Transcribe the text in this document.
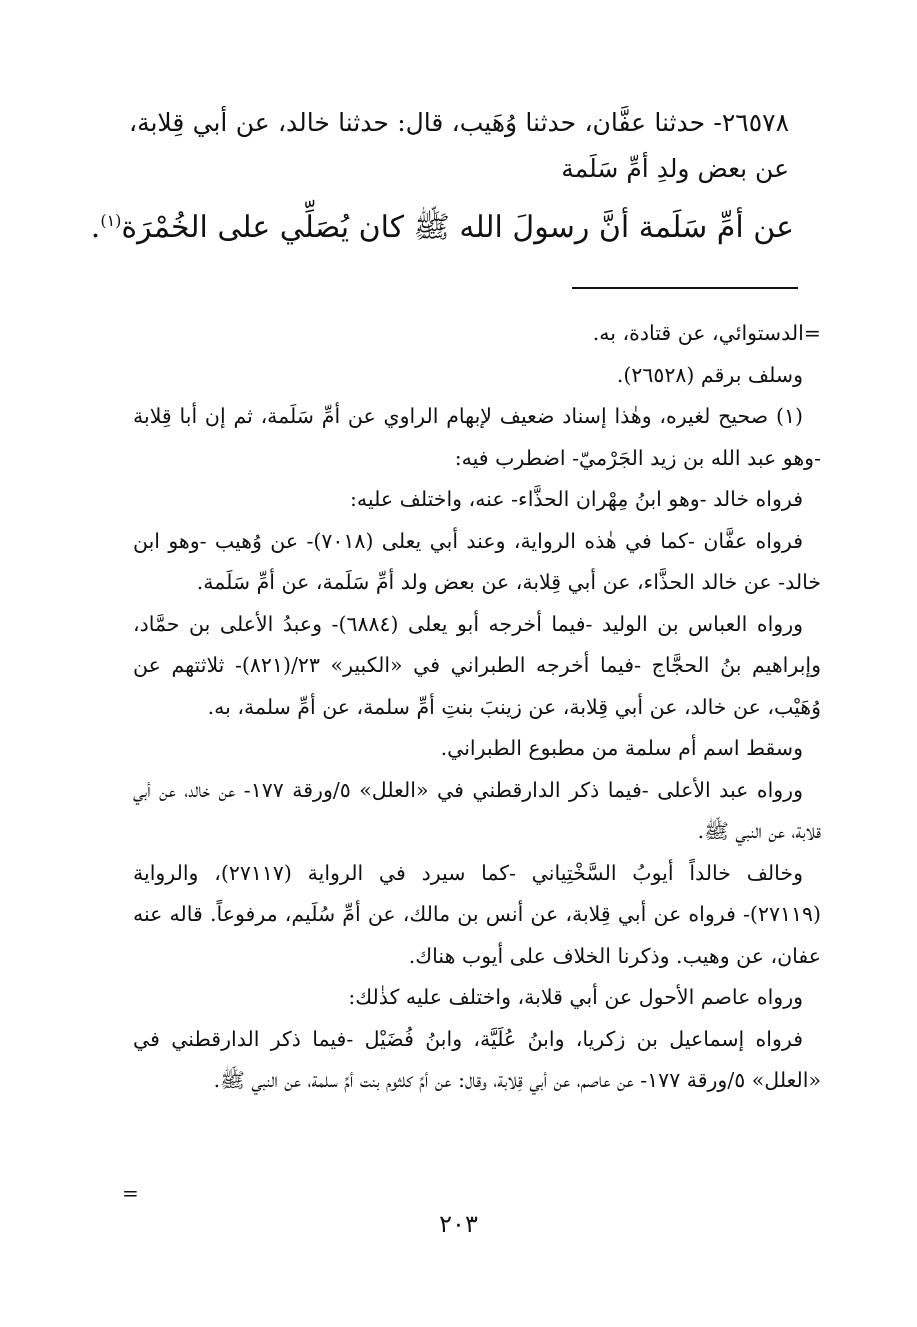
٢٦٥٧٨- حدثنا عفَّان، حدثنا وُهَيب، قال: حدثنا خالد، عن أبي قِلابة، عن بعض ولدِ أمِّ سَلَمة

عن أمِّ سَلَمة أنَّ رسولَ الله ﷺ كان يُصَلِّي على الخُمْرَة$^{(١)}$.

=الدستوائي، عن قتادة، به.

وسلف برقم (٢٦٥٢٨).

(١) صحيح لغيره، وهٰذا إسناد ضعيف لإبهام الراوي عن أمِّ سَلَمة، ثم إن أبا قِلابة -وهو عبد الله بن زيد الجَرْميّ- اضطرب فيه:

فرواه خالد -وهو ابنُ مِهْران الحذَّاء- عنه، واختلف عليه:

فرواه عفَّان -كما في هٰذه الرواية، وعند أبي يعلى (٧٠١٨)- عن وُهيب -وهو ابن خالد- عن خالد الحذَّاء، عن أبي قِلابة، عن بعض ولد أمِّ سَلَمة، عن أمِّ سَلَمة.

ورواه العباس بن الوليد -فيما أخرجه أبو يعلى (٦٨٨٤)- وعبدُ الأعلى بن حمَّاد، وإبراهيم بنُ الحجَّاج -فيما أخرجه الطبراني في «الكبير» ٢٣/(٨٢١)- ثلاثتهم عن وُهَيْب، عن خالد، عن أبي قِلابة، عن زينبَ بنتِ أمِّ سلمة، عن أمِّ سلمة، به.

وسقط اسم أم سلمة من مطبوع الطبراني.

ورواه عبد الأعلى -فيما ذكر الدارقطني في «العلل» ٥/ورقة ١٧٧- عن خالد، عن أبي قلابة، عن النبي ﷺ.

وخالف خالداً أيوبُ السَّخْتِياني -كما سيرد في الرواية (٢٧١١٧)، والرواية (٢٧١١٩)- فرواه عن أبي قِلابة، عن أنس بن مالك، عن أمِّ سُلَيم، مرفوعاً. قاله عنه عفان، عن وهيب. وذكرنا الخلاف على أيوب هناك.

ورواه عاصم الأحول عن أبي قلابة، واختلف عليه كذٰلك:

فرواه إسماعيل بن زكريا، وابنُ عُلَيَّة، وابنُ فُضَيْل -فيما ذكر الدارقطني في «العلل» ٥/ورقة ١٧٧- عن عاصم، عن أبي قِلابة، وقال: عن أمِّ كلثوم بنت أمِّ سلمة، عن النبي ﷺ.

=
٢٠٣
